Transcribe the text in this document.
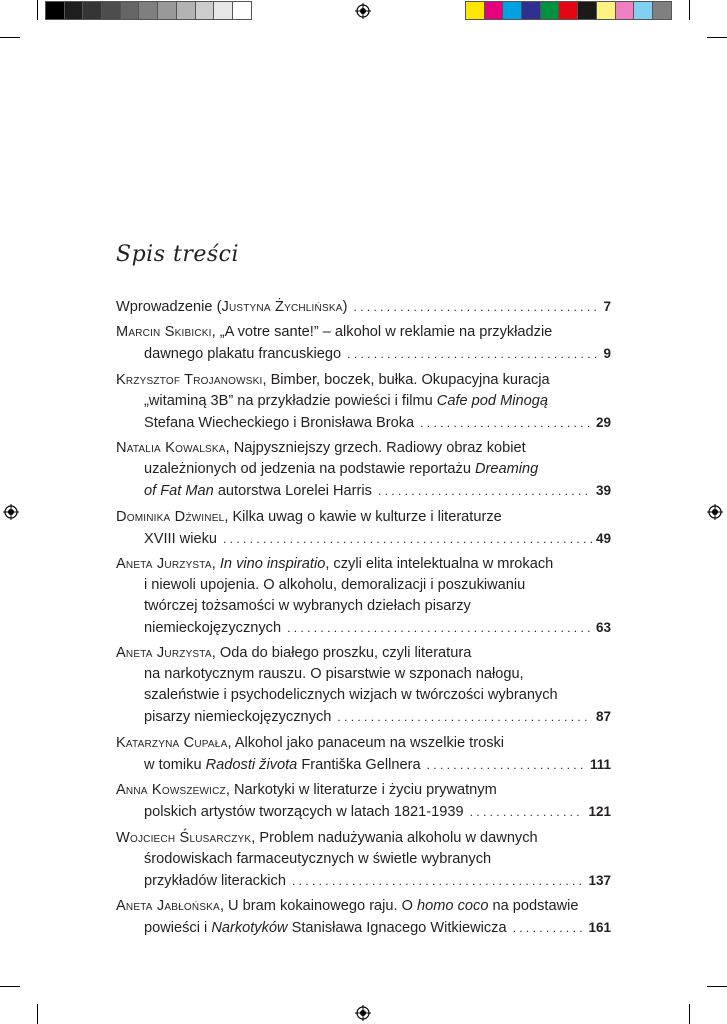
Spis treści
Wprowadzenie (Justyna Żychlińska) . . .	7
Marcin Skibicki, „A votre sante!” – alkohol w reklamie na przykładzie
dawnego plakatu francuskiego . . .	9
Krzysztof Trojanowski, Bimber, boczek, bułka. Okupacyjna kuracja
„witaminą 3B” na przykładzie powieści i filmu Cafe pod Minogą
Stefana Wiecheckiego i Bronisława Broka . . .	29
Natalia Kowalska, Najpyszniejszy grzech. Radiowy obraz kobiet
uzależnionych od jedzenia na podstawie reportażu Dreaming
of Fat Man autorstwa Lorelei Harris . . .	39
Dominika Dźwinel, Kilka uwag o kawie w kulturze i literaturze
XVIII wieku . . .	49
Aneta Jurzysta, In vino inspiratio, czyli elita intelektualna w mrokach
i niewoli upojenia. O alkoholu, demoralizacji i poszukiwaniu
twórczej tożsamości w wybranych dziełach pisarzy
niemieckojęzycznych . . .	63
Aneta Jurzysta, Oda do białego proszku, czyli literatura
na narkotycznym rauszu. O pisarstwie w szponach nałogu,
szaleństwie i psychodelicznych wizjach w twórczości wybranych
pisarzy niemieckojęzycznych . . .	87
Katarzyna Cupała, Alkohol jako panaceum na wszelkie troski
w tomiku Radosti života Františka Gellnera . . .	111
Anna Kowszewicz, Narkotyki w literaturze i życiu prywatnym
polskich artystów tworzących w latach 1821-1939 . . .	121
Wojciech Ślusarczyk, Problem nadużywania alkoholu w dawnych
środowiskach farmaceutycznych w świetle wybranych
przykładów literackich . . .	137
Aneta Jabłońska, U bram kokainowego raju. O homo coco na podstawie
powieści i Narkotyków Stanisława Ignacego Witkiewicza . . .	161
